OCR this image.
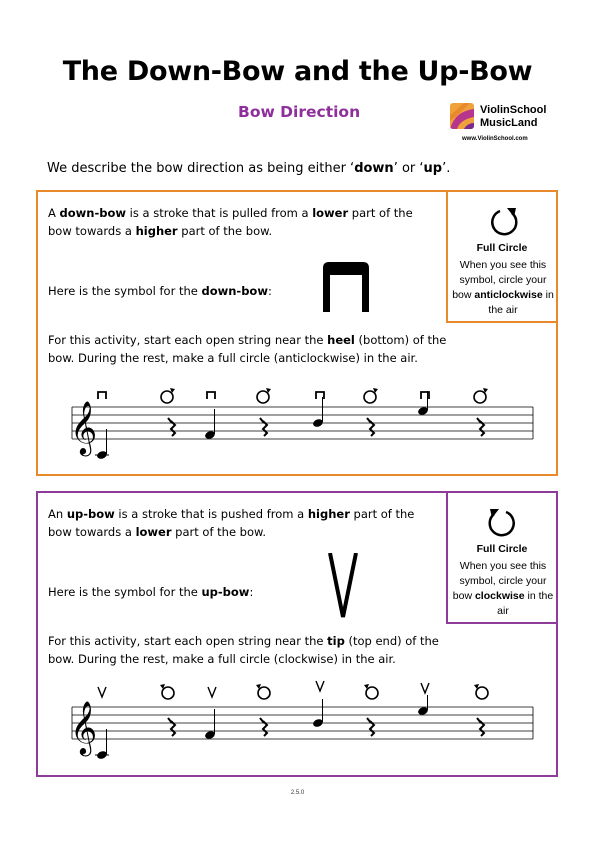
The Down-Bow and the Up-Bow
Bow Direction	ViolinSchool
MusicLand
www.ViolinSchool.com
We describe the bow direction as being either ‘down’ or ‘up’.
A down-bow is a stroke that is pulled from a lower part of the bow towards a higher part of the bow.
Here is the symbol for the down-bow:
For this activity, start each open string near the heel (bottom) of the bow. During the rest, make a full circle (anticlockwise) in the air.
Full Circle
When you see this symbol, circle your bow anticlockwise in the air
𝄞
An up-bow is a stroke that is pushed from a higher part of the bow towards a lower part of the bow.
Here is the symbol for the up-bow:
For this activity, start each open string near the tip (top end) of the bow. During the rest, make a full circle (clockwise) in the air.
Full Circle
When you see this symbol, circle your bow clockwise in the air
𝄞
2.5.0
